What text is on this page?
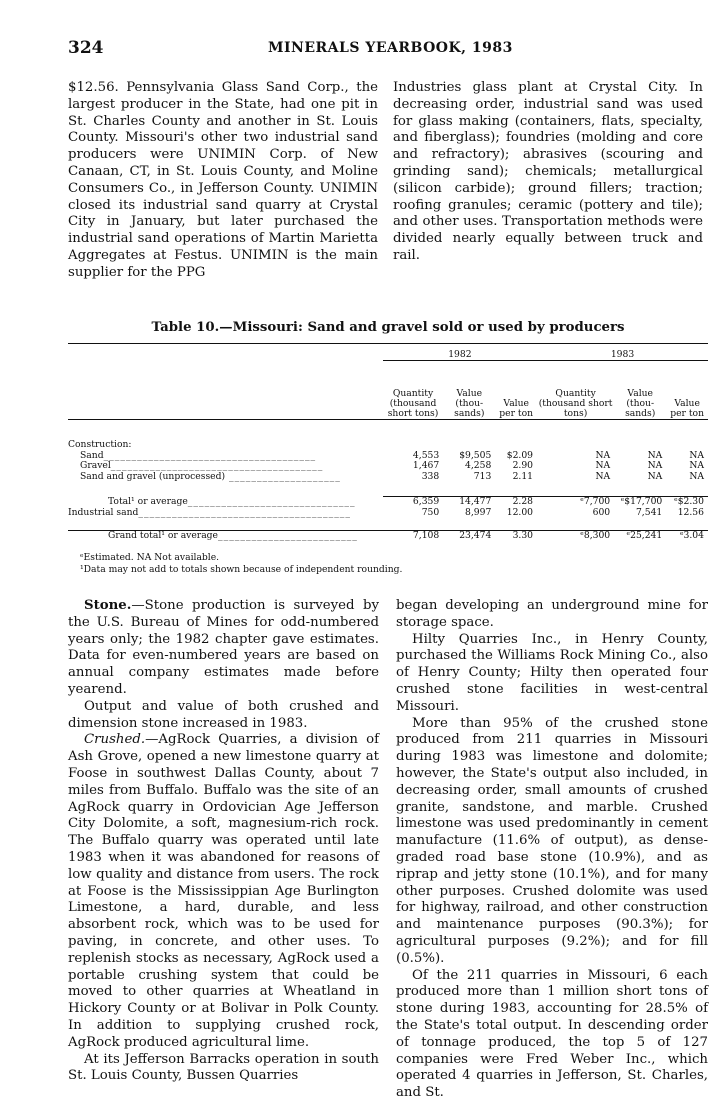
324	MINERALS YEARBOOK, 1983

$12.56. Pennsylvania Glass Sand Corp., the largest producer in the State, had one pit in St. Charles County and another in St. Louis County. Missouri's other two industrial sand producers were UNIMIN Corp. of New Canaan, CT, in St. Louis County, and Moline Consumers Co., in Jefferson County. UNIMIN closed its industrial sand quarry at Crystal City in January, but later purchased the industrial sand operations of Martin Marietta Aggregates at Festus. UNIMIN is the main supplier for the PPG

Industries glass plant at Crystal City. In decreasing order, industrial sand was used for glass making (containers, flats, specialty, and fiberglass); foundries (molding and core and refractory); abrasives (scouring and grinding sand); chemicals; metallurgical (silicon carbide); ground fillers; traction; roofing granules; ceramic (pottery and tile); and other uses. Transportation methods were divided nearly equally between truck and rail.

Table 10.—Missouri: Sand and gravel sold or used by producers
	1982			1983		
	Quantity (thousand short tons)	Value (thou-sands)	Value per ton	Quantity (thousand short tons)	Value (thou-sands)	Value per ton

Construction:						
Sand______________________________________	4,553	$9,505	$2.09	NA	NA	NA
Gravel______________________________________	1,467	4,258	2.90	NA	NA	NA
Sand and gravel (unprocessed) ____________________	338	713	2.11	NA	NA	NA

Total¹ or average______________________________	6,359	14,477	2.28	ᵉ7,700	ᵉ$17,700	ᵉ$2.30
Industrial sand______________________________________	750	8,997	12.00	600	7,541	12.56

Grand total¹ or average_________________________	7,108	23,474	3.30	ᵉ8,300	ᵉ25,241	ᵉ3.04
ᵉEstimated. NA Not available.
¹Data may not add to totals shown because of independent rounding.

Stone.—Stone production is surveyed by the U.S. Bureau of Mines for odd-numbered years only; the 1982 chapter gave estimates. Data for even-numbered years are based on annual company estimates made before yearend.

Output and value of both crushed and dimension stone increased in 1983.

Crushed.—AgRock Quarries, a division of Ash Grove, opened a new limestone quarry at Foose in southwest Dallas County, about 7 miles from Buffalo. Buffalo was the site of an AgRock quarry in Ordovician Age Jefferson City Dolomite, a soft, magnesium-rich rock. The Buffalo quarry was operated until late 1983 when it was abandoned for reasons of low quality and distance from users. The rock at Foose is the Mississippian Age Burlington Limestone, a hard, durable, and less absorbent rock, which was to be used for paving, in concrete, and other uses. To replenish stocks as necessary, AgRock used a portable crushing system that could be moved to other quarries at Wheatland in Hickory County or at Bolivar in Polk County. In addition to supplying crushed rock, AgRock produced agricultural lime.

At its Jefferson Barracks operation in south St. Louis County, Bussen Quarries

began developing an underground mine for storage space.

Hilty Quarries Inc., in Henry County, purchased the Williams Rock Mining Co., also of Henry County; Hilty then operated four crushed stone facilities in west-central Missouri.

More than 95% of the crushed stone produced from 211 quarries in Missouri during 1983 was limestone and dolomite; however, the State's output also included, in decreasing order, small amounts of crushed granite, sandstone, and marble. Crushed limestone was used predominantly in cement manufacture (11.6% of output), as dense-graded road base stone (10.9%), and as riprap and jetty stone (10.1%), and for many other purposes. Crushed dolomite was used for highway, railroad, and other construction and maintenance purposes (90.3%); for agricultural purposes (9.2%); and for fill (0.5%).

Of the 211 quarries in Missouri, 6 each produced more than 1 million short tons of stone during 1983, accounting for 28.5% of the State's total output. In descending order of tonnage produced, the top 5 of 127 companies were Fred Weber Inc., which operated 4 quarries in Jefferson, St. Charles, and St.
